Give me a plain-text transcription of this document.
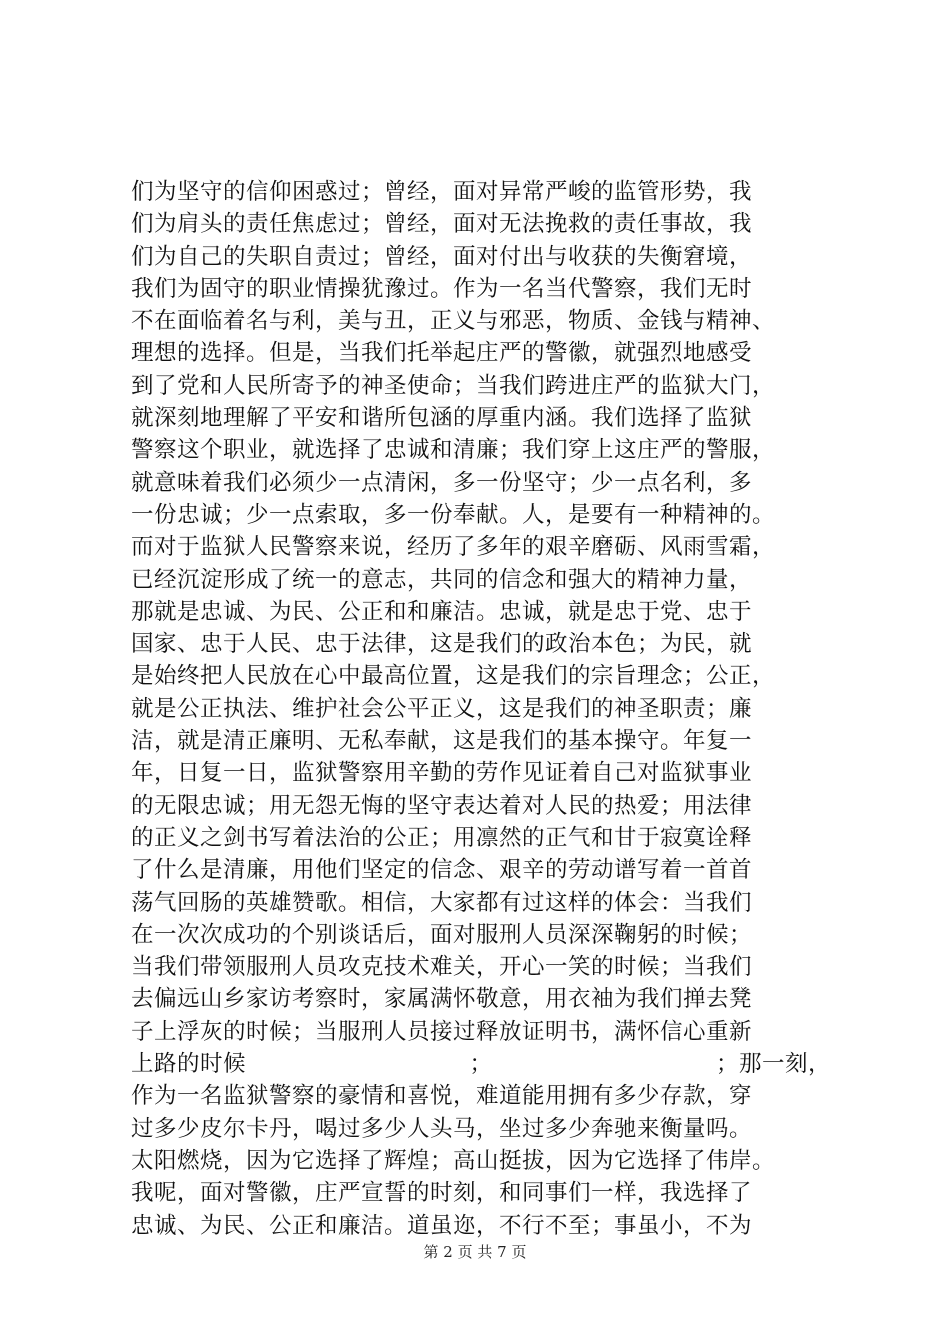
们为坚守的信仰困惑过；曾经，面对异常严峻的监管形势，我
们为肩头的责任焦虑过；曾经，面对无法挽救的责任事故，我
们为自己的失职自责过；曾经，面对付出与收获的失衡窘境，
我们为固守的职业情操犹豫过。作为一名当代警察，我们无时
不在面临着名与利，美与丑，正义与邪恶，物质、金钱与精神、
理想的选择。但是，当我们托举起庄严的警徽，就强烈地感受
到了党和人民所寄予的神圣使命；当我们跨进庄严的监狱大门，
就深刻地理解了平安和谐所包涵的厚重内涵。我们选择了监狱
警察这个职业，就选择了忠诚和清廉；我们穿上这庄严的警服，
就意味着我们必须少一点清闲，多一份坚守；少一点名利，多
一份忠诚；少一点索取，多一份奉献。人，是要有一种精神的。
而对于监狱人民警察来说，经历了多年的艰辛磨砺、风雨雪霜，
已经沉淀形成了统一的意志，共同的信念和强大的精神力量，
那就是忠诚、为民、公正和和廉洁。忠诚，就是忠于党、忠于
国家、忠于人民、忠于法律，这是我们的政治本色；为民，就
是始终把人民放在心中最高位置，这是我们的宗旨理念；公正，
就是公正执法、维护社会公平正义，这是我们的神圣职责；廉
洁，就是清正廉明、无私奉献，这是我们的基本操守。年复一
年，日复一日，监狱警察用辛勤的劳作见证着自己对监狱事业
的无限忠诚；用无怨无悔的坚守表达着对人民的热爱；用法律
的正义之剑书写着法治的公正；用凛然的正气和甘于寂寞诠释
了什么是清廉，用他们坚定的信念、艰辛的劳动谱写着一首首
荡气回肠的英雄赞歌。相信，大家都有过这样的体会：当我们
在一次次成功的个别谈话后，面对服刑人员深深鞠躬的时候；
当我们带领服刑人员攻克技术难关，开心一笑的时候；当我们
去偏远山乡家访考察时，家属满怀敬意，用衣袖为我们掸去凳
子上浮灰的时候；当服刑人员接过释放证明书，满怀信心重新
上路的时候	；	；那一刻，
作为一名监狱警察的豪情和喜悦，难道能用拥有多少存款，穿
过多少皮尔卡丹，喝过多少人头马，坐过多少奔驰来衡量吗。
太阳燃烧，因为它选择了辉煌；高山挺拔，因为它选择了伟岸。
我呢，面对警徽，庄严宣誓的时刻，和同事们一样，我选择了
忠诚、为民、公正和廉洁。道虽迩，不行不至；事虽小，不为
第 2 页 共 7 页
